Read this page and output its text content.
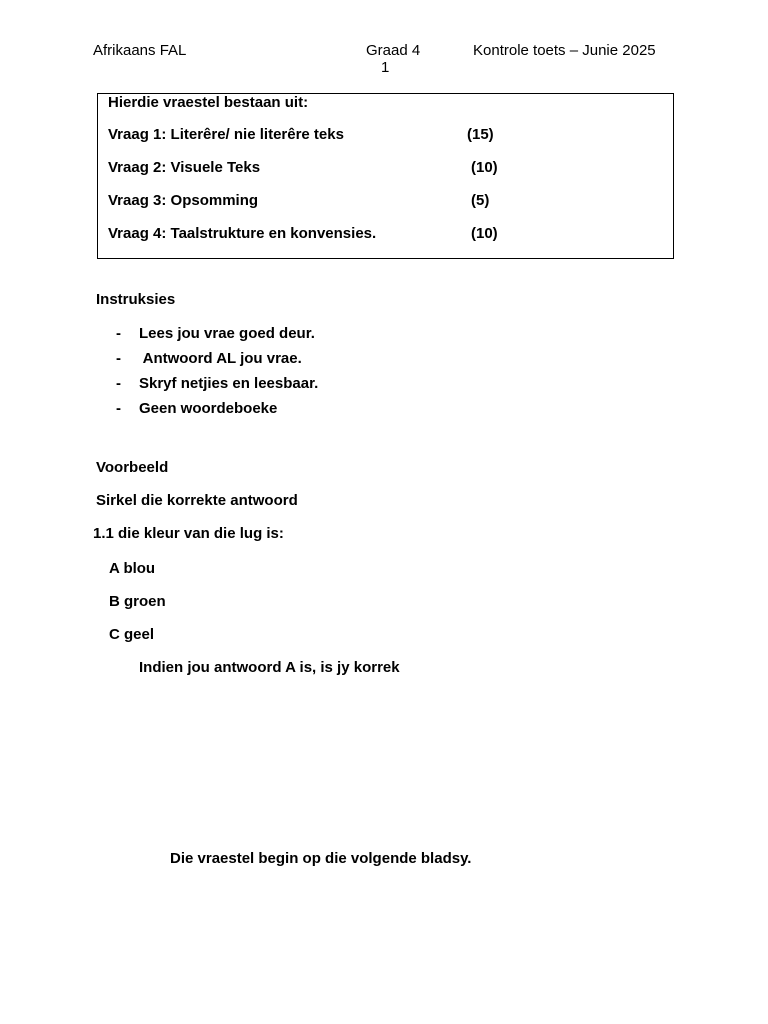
Afrikaans FAL	Graad 4
1
Kontrole toets – Junie 2025
Hierdie vraestel bestaan uit:
Vraag 1: Literêre/ nie literêre teks	(15)
Vraag 2: Visuele Teks	(10)
Vraag 3: Opsomming	(5)
Vraag 4: Taalstrukture en konvensies.	(10)
Instruksies
- Lees jou vrae goed deur.
- Antwoord AL jou vrae.
- Skryf netjies en leesbaar.
- Geen woordeboeke
Voorbeeld
Sirkel die korrekte antwoord
1.1 die kleur van die lug is:
A blou
B groen
C geel
Indien jou antwoord A is, is jy korrek
Die vraestel begin op die volgende bladsy.
